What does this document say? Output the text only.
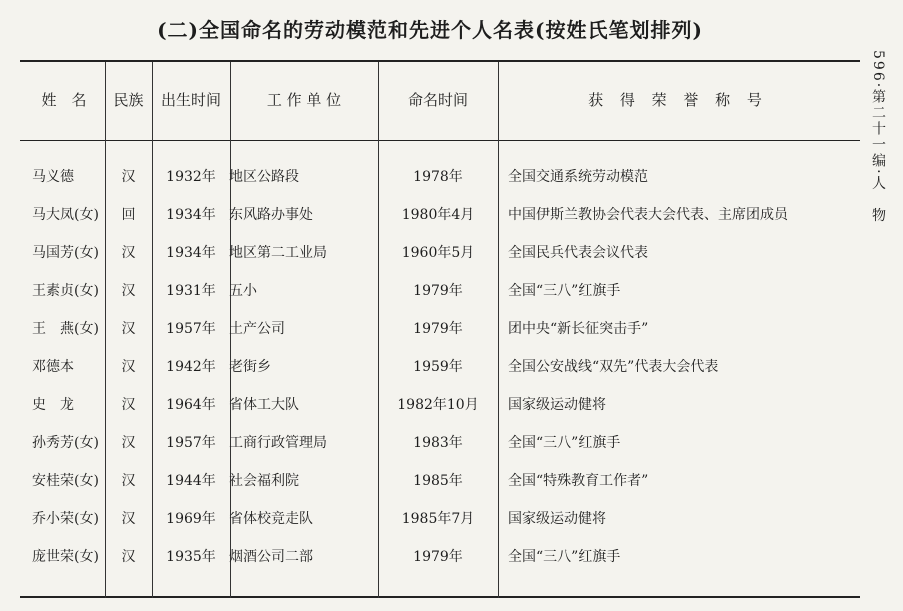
(二)全国命名的劳动模范和先进个人名表(按姓氏笔划排列)
596·第二十一编·人　物
姓　名	民族	出生时间	工 作 单 位	命名时间	获 得 荣 誉 称 号
马义德	汉	1932年 地区公路段	1978年	全国交通系统劳动模范
马大凤(女)	回	1934年 东风路办事处	1980年4月	中国伊斯兰教协会代表大会代表、主席团成员
马国芳(女)	汉	1934年 地区第二工业局	1960年5月	全国民兵代表会议代表
王素贞(女)	汉	1931年 五小	1979年	全国“三八”红旗手
王　燕(女)	汉	1957年 土产公司	1979年	团中央“新长征突击手”
邓德本	汉	1942年 老街乡	1959年	全国公安战线“双先”代表大会代表
史　龙	汉	1964年 省体工大队	1982年10月	国家级运动健将
孙秀芳(女)	汉	1957年 工商行政管理局	1983年	全国“三八”红旗手
安桂荣(女)	汉	1944年 社会福利院	1985年	全国“特殊教育工作者”
乔小荣(女)	汉	1969年 省体校竞走队	1985年7月	国家级运动健将
庞世荣(女)	汉	1935年 烟酒公司二部	1979年	全国“三八”红旗手
